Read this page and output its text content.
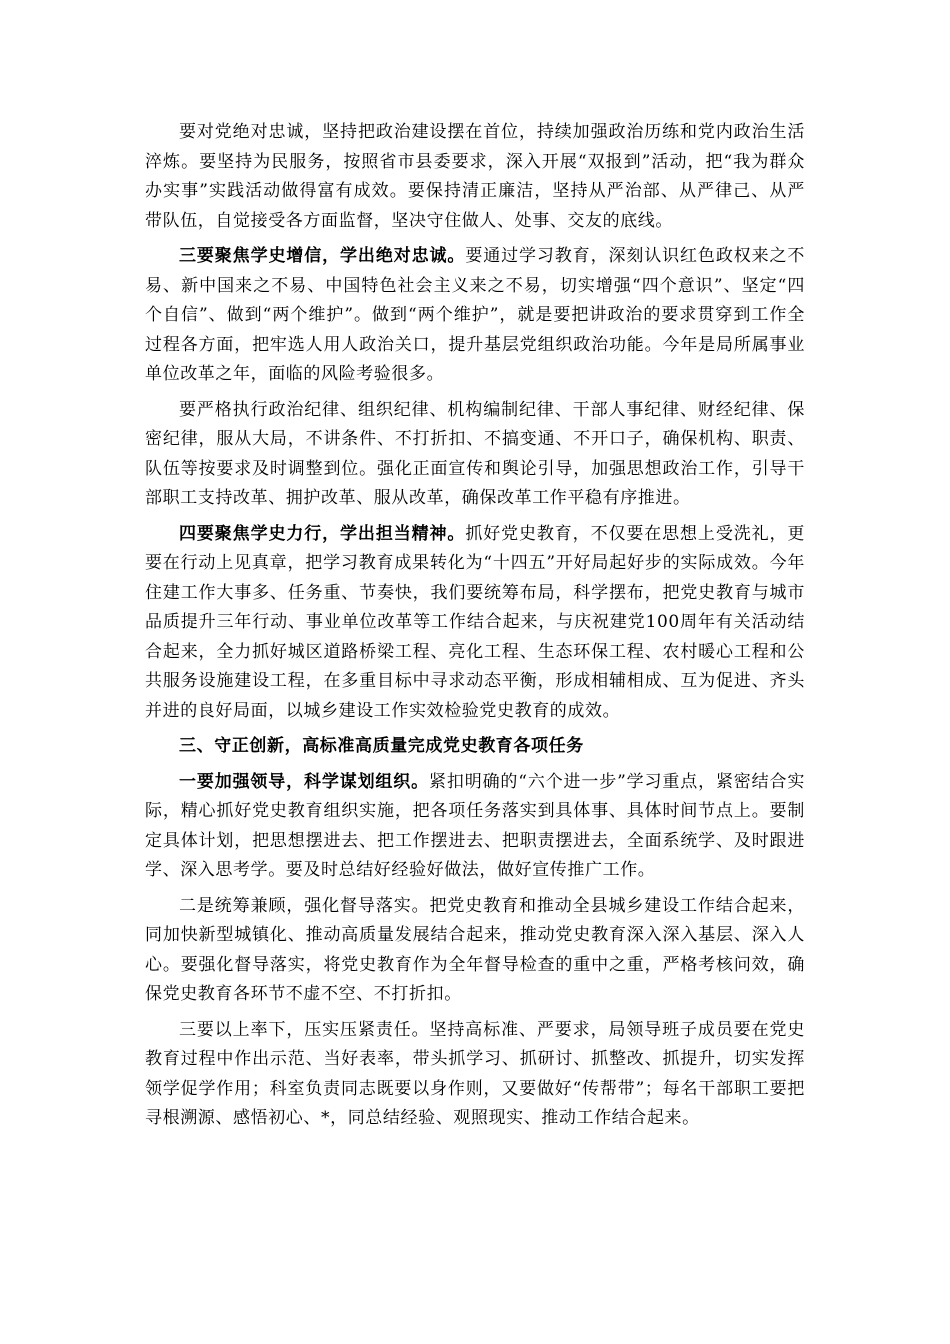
要对党绝对忠诚，坚持把政治建设摆在首位，持续加强政治历练和党内政治生活淬炼。要坚持为民服务，按照省市县委要求，深入开展“双报到”活动，把“我为群众办实事”实践活动做得富有成效。要保持清正廉洁，坚持从严治部、从严律己、从严带队伍，自觉接受各方面监督，坚决守住做人、处事、交友的底线。

三要聚焦学史增信，学出绝对忠诚。要通过学习教育，深刻认识红色政权来之不易、新中国来之不易、中国特色社会主义来之不易，切实增强“四个意识”、坚定“四个自信”、做到“两个维护”。做到“两个维护”，就是要把讲政治的要求贯穿到工作全过程各方面，把牢选人用人政治关口，提升基层党组织政治功能。今年是局所属事业单位改革之年，面临的风险考验很多。

要严格执行政治纪律、组织纪律、机构编制纪律、干部人事纪律、财经纪律、保密纪律，服从大局，不讲条件、不打折扣、不搞变通、不开口子，确保机构、职责、队伍等按要求及时调整到位。强化正面宣传和舆论引导，加强思想政治工作，引导干部职工支持改革、拥护改革、服从改革，确保改革工作平稳有序推进。

四要聚焦学史力行，学出担当精神。抓好党史教育，不仅要在思想上受洗礼，更要在行动上见真章，把学习教育成果转化为“十四五”开好局起好步的实际成效。今年住建工作大事多、任务重、节奏快，我们要统筹布局，科学摆布，把党史教育与城市品质提升三年行动、事业单位改革等工作结合起来，与庆祝建党100周年有关活动结合起来，全力抓好城区道路桥梁工程、亮化工程、生态环保工程、农村暖心工程和公共服务设施建设工程，在多重目标中寻求动态平衡，形成相辅相成、互为促进、齐头并进的良好局面，以城乡建设工作实效检验党史教育的成效。

三、守正创新，高标准高质量完成党史教育各项任务

一要加强领导，科学谋划组织。紧扣明确的“六个进一步”学习重点，紧密结合实际，精心抓好党史教育组织实施，把各项任务落实到具体事、具体时间节点上。要制定具体计划，把思想摆进去、把工作摆进去、把职责摆进去，全面系统学、及时跟进学、深入思考学。要及时总结好经验好做法，做好宣传推广工作。

二是统筹兼顾，强化督导落实。把党史教育和推动全县城乡建设工作结合起来，同加快新型城镇化、推动高质量发展结合起来，推动党史教育深入深入基层、深入人心。要强化督导落实，将党史教育作为全年督导检查的重中之重，严格考核问效，确保党史教育各环节不虚不空、不打折扣。

三要以上率下，压实压紧责任。坚持高标准、严要求，局领导班子成员要在党史教育过程中作出示范、当好表率，带头抓学习、抓研讨、抓整改、抓提升，切实发挥领学促学作用；科室负责同志既要以身作则，又要做好“传帮带”；每名干部职工要把寻根溯源、感悟初心、*，同总结经验、观照现实、推动工作结合起来。
